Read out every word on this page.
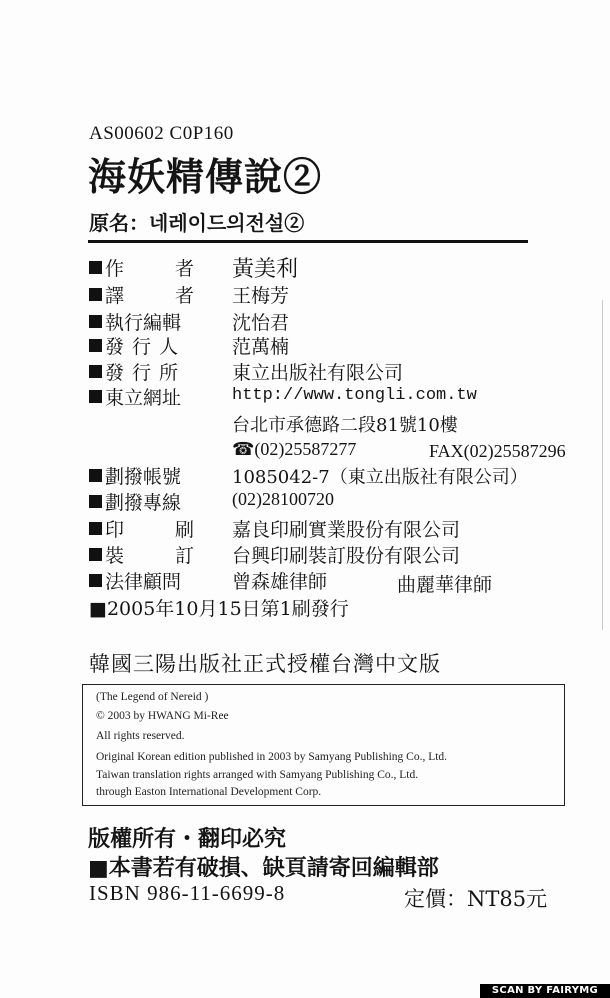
AS00602 C0P160
海妖精傳說②
原名：네레이드의전설②
作　者 黃美利
譯　者	王梅芳
執行編輯	沈怡君
發行人	范萬楠
發行所	東立出版社有限公司
東立網址	http://www.tongli.com.tw
台北市承德路二段81號10樓
☎(02)25587277	FAX(02)25587296
劃撥帳號	1085042-7（東立出版社有限公司）
劃撥專線	(02)28100720
印　刷	嘉良印刷實業股份有限公司
裝　訂	台興印刷裝訂股份有限公司
法律顧問	曾森雄律師	曲麗華律師
■2005年10月15日第1刷發行
韓國三陽出版社正式授權台灣中文版
(The Legend of Nereid )
© 2003 by HWANG Mi-Ree
All rights reserved.
Original Korean edition published in 2003 by Samyang Publishing Co., Ltd.
Taiwan translation rights arranged with Samyang Publishing Co., Ltd.
through Easton International Development Corp.
版權所有・翻印必究
■本書若有破損、缺頁請寄回編輯部
ISBN 986-11-6699-8	定價：NT85元
SCAN BY FAIRYMG
